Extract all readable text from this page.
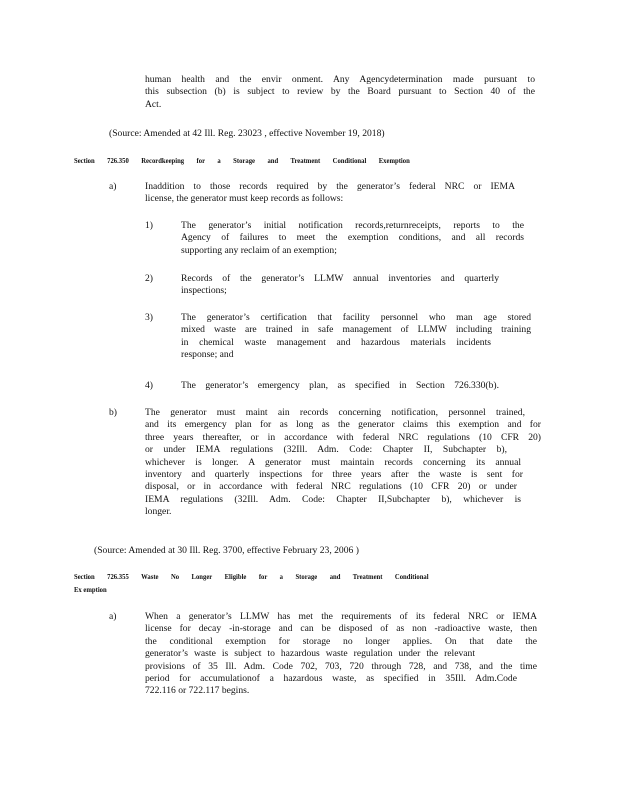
human health and the envir onment. Any Agencydetermination made pursuant to
this subsection (b) is subject to review by the Board pursuant to Section 40 of the
Act.
(Source: Amended at 42 Ill. Reg. 23023 , effective November 19, 2018)
Section 726.350 Recordkeeping for a Storage and Treatment Conditional Exemption
a)	Inaddition to those records required by the generator’s federal NRC or IEMA
license, the generator must keep records as follows:
1)	The generator’s initial notification records,returnreceipts, reports to the
Agency of failures to meet the exemption conditions, and all records
supporting any reclaim of an exemption;
2)	Records of the generator’s LLMW annual inventories and quarterly
inspections;
3)	The generator’s certification that facility personnel who man age stored
mixed waste are trained in safe management of LLMW including training
in chemical waste management and hazardous materials incidents
response; and
4)	The generator’s emergency plan, as specified in Section 726.330(b).
b)	The generator must maint ain records concerning notification, personnel trained,
and its emergency plan for as long as the generator claims this exemption and for
three years thereafter, or in accordance with federal NRC regulations (10 CFR 20)
or under IEMA regulations (32Ill. Adm. Code: Chapter II, Subchapter b),
whichever is longer. A generator must maintain records concerning its annual
inventory and quarterly inspections for three years after the waste is sent for
disposal, or in accordance with federal NRC regulations (10 CFR 20) or under
IEMA regulations (32Ill. Adm. Code: Chapter II,Subchapter b), whichever is
longer.
(Source: Amended at 30 Ill. Reg. 3700, effective February 23, 2006 )
Section 726.355 Waste No Longer Eligible for a Storage and Treatment Conditional
Ex emption
a)	When a generator’s LLMW has met the requirements of its federal NRC or IEMA
license for decay -in-storage and can be disposed of as non -radioactive waste, then
the conditional exemption for storage no longer applies. On that date the
generator’s waste is subject to hazardous waste regulation under the relevant
provisions of 35 Ill. Adm. Code 702, 703, 720 through 728, and 738, and the time
period for accumulationof a hazardous waste, as specified in 35Ill. Adm.Code
722.116 or 722.117 begins.
